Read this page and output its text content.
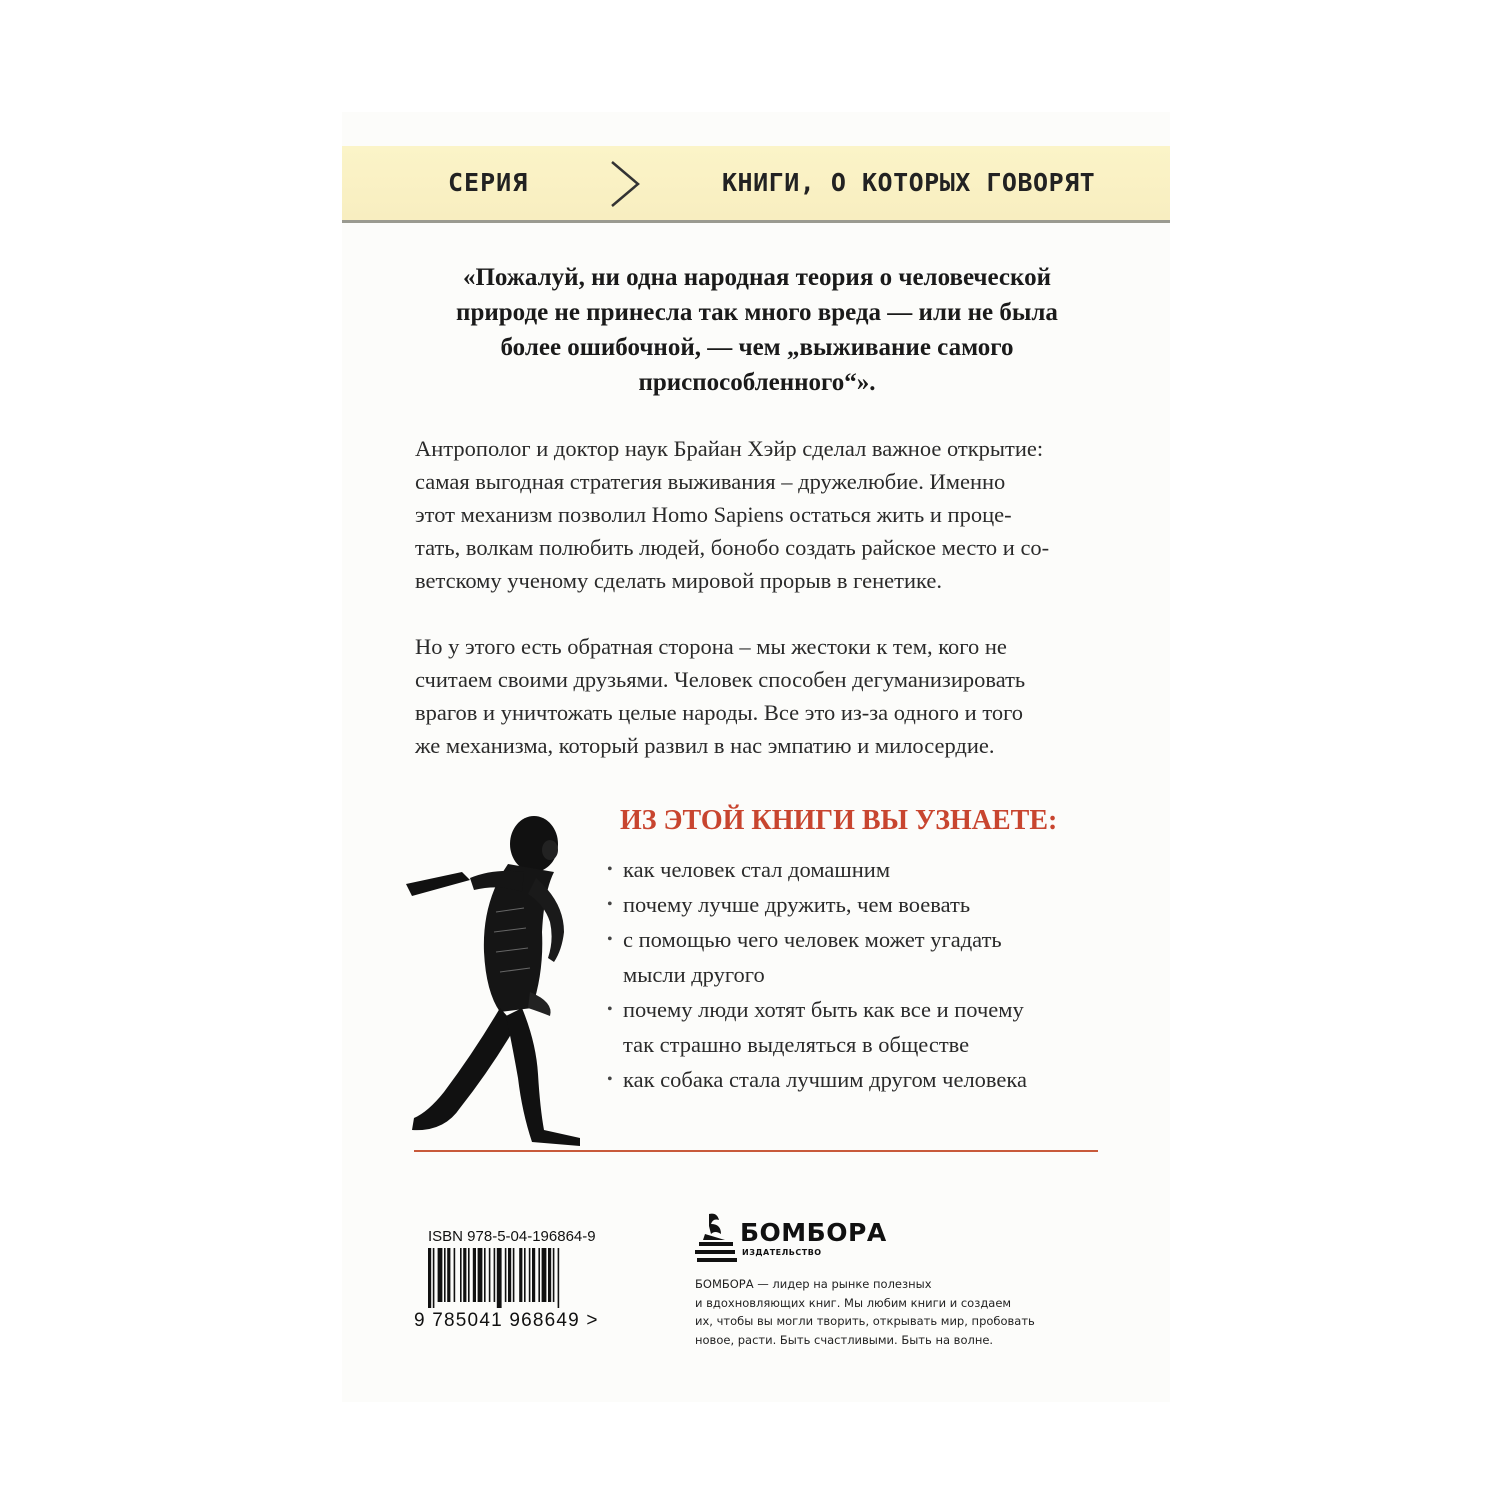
СЕРИЯ	КНИГИ, О КОТОРЫХ ГОВОРЯТ
«Пожалуй, ни одна народная теория о человеческой
природе не принесла так много вреда — или не была
более ошибочной, — чем „выживание самого
приспособленного“».
Антрополог и доктор наук Брайан Хэйр сделал важное открытие:
самая выгодная стратегия выживания – дружелюбие. Именно
этот механизм позволил Homo Sapiens остаться жить и проце-
тать, волкам полюбить людей, бонобо создать райское место и со-
ветскому ученому сделать мировой прорыв в генетике.
Но у этого есть обратная сторона – мы жестоки к тем, кого не
считаем своими друзьями. Человек способен дегуманизировать
врагов и уничтожать целые народы. Все это из-за одного и того
же механизма, который развил в нас эмпатию и милосердие.
ИЗ ЭТОЙ КНИГИ ВЫ УЗНАЕТЕ:
• как человек стал домашним
• почему лучше дружить, чем воевать
• с помощью чего человек может угадать
мысли другого
• почему люди хотят быть как все и почему
так страшно выделяться в обществе
• как собака стала лучшим другом человека
ISBN 978-5-04-196864-9
9 785041 968649 >
БОМБОРА
ИЗДАТЕЛЬСТВО
БОМБОРА — лидер на рынке полезных
и вдохновляющих книг. Мы любим книги и создаем
их, чтобы вы могли творить, открывать мир, пробовать
новое, расти. Быть счастливыми. Быть на волне.
